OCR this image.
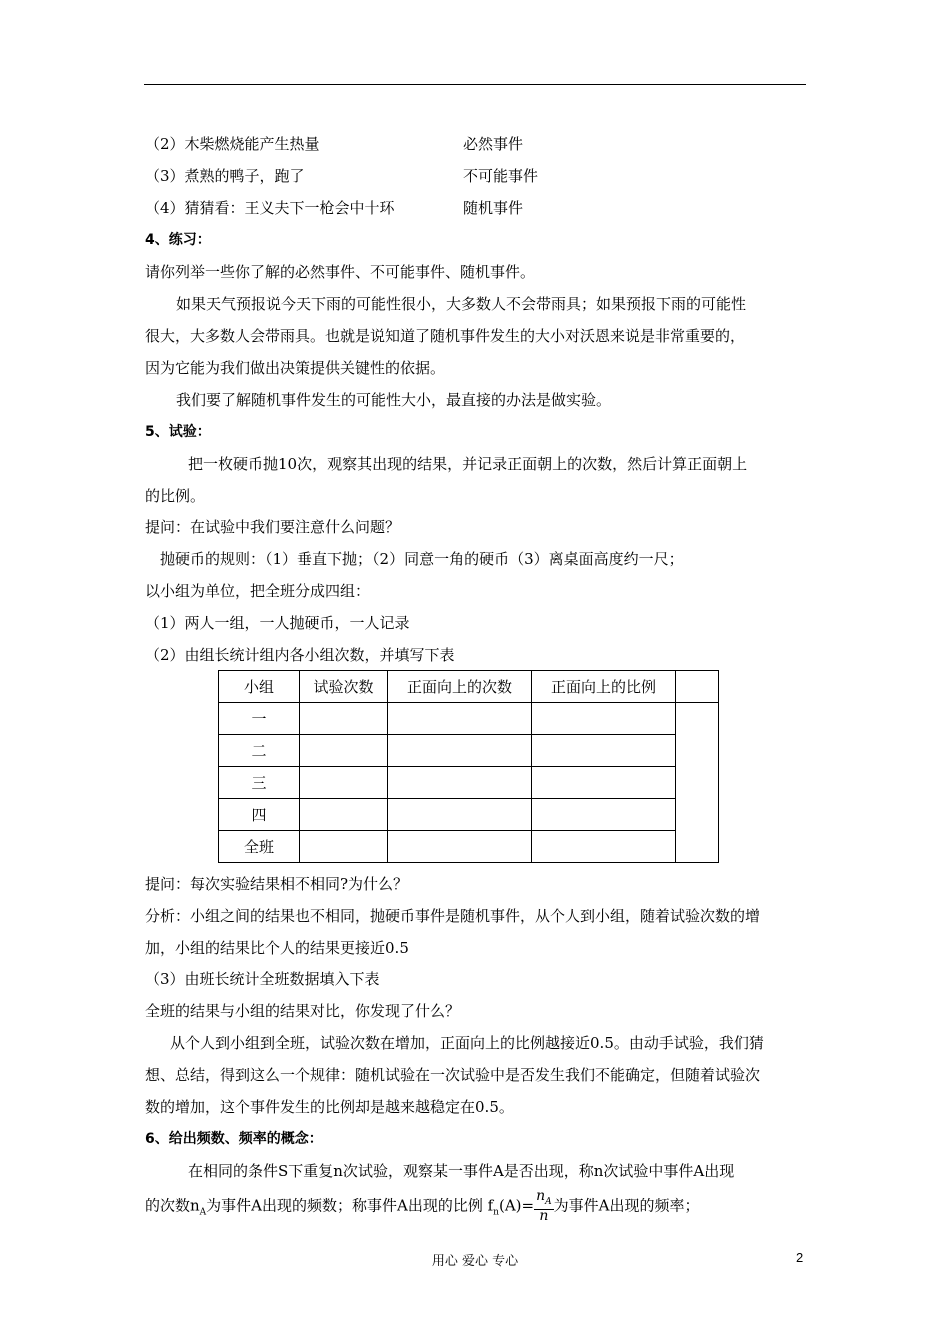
（2）木柴燃烧能产生热量	必然事件
（3）煮熟的鸭子，跑了	不可能事件
（4）猜猜看：王义夫下一枪会中十环	随机事件
4、练习：
请你列举一些你了解的必然事件、不可能事件、随机事件。
如果天气预报说今天下雨的可能性很小，大多数人不会带雨具；如果预报下雨的可能性
很大，大多数人会带雨具。也就是说知道了随机事件发生的大小对沃恩来说是非常重要的，
因为它能为我们做出决策提供关键性的依据。
我们要了解随机事件发生的可能性大小，最直接的办法是做实验。
5、试验：
把一枚硬币抛10次，观察其出现的结果，并记录正面朝上的次数，然后计算正面朝上
的比例。
提问：在试验中我们要注意什么问题？
抛硬币的规则：（1）垂直下抛；（2）同意一角的硬币（3）离桌面高度约一尺；
以小组为单位，把全班分成四组：
（1）两人一组，一人抛硬币，一人记录
（2）由组长统计组内各小组次数，并填写下表
小组	试验次数	正面向上的次数	正面向上的比例	
一				
二				
三				
四				
全班				
提问：每次实验结果相不相同?为什么？
分析：小组之间的结果也不相同，抛硬币事件是随机事件，从个人到小组，随着试验次数的增
加，小组的结果比个人的结果更接近0.5
（3）由班长统计全班数据填入下表
全班的结果与小组的结果对比，你发现了什么？
从个人到小组到全班，试验次数在增加，正面向上的比例越接近0.5。由动手试验，我们猜
想、总结，得到这么一个规律：随机试验在一次试验中是否发生我们不能确定，但随着试验次
数的增加，这个事件发生的比例却是越来越稳定在0.5。
6、给出频数、频率的概念：
在相同的条件S下重复n次试验，观察某一事件A是否出现，称n次试验中事件A出现
的次数$n_A$为事件A出现的频数；称事件A出现的比例 $f_n(A)= \frac{n_A}{n}$ 为事件A出现的频率；
用心 爱心 专心	2
